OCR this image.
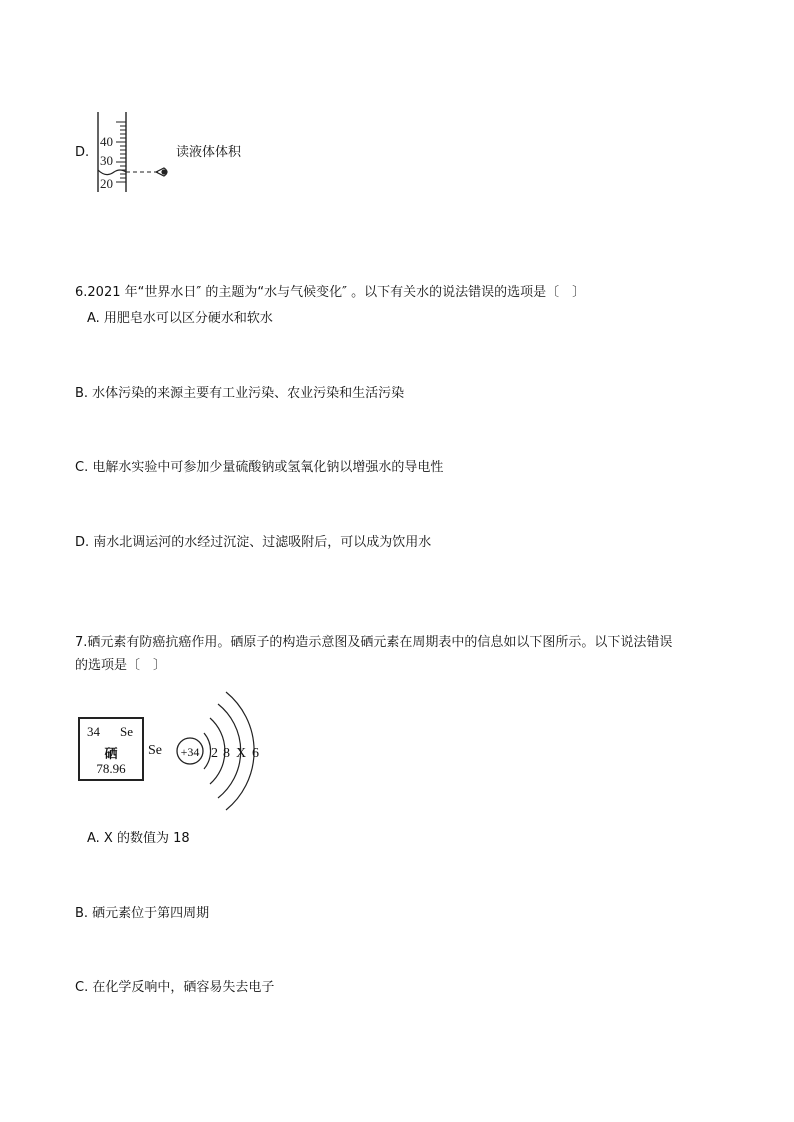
D.
40
30
20
读液体体积
6.2021 年“世界水日″ 的主题为“水与气候变化″ 。以下有关水的说法错误的选项是〔　〕
A. 用肥皂水可以区分硬水和软水
B. 水体污染的来源主要有工业污染、农业污染和生活污染
C. 电解水实验中可参加少量硫酸钠或氢氧化钠以增强水的导电性
D. 南水北调运河的水经过沉淀、过滤吸附后，可以成为饮用水
7.硒元素有防癌抗癌作用。硒原子的构造示意图及硒元素在周期表中的信息如以下图所示。以下说法错误
的选项是〔　〕
34 Se
硒
78.96
Se +34 2 8 X 6
A. X 的数值为 18
B. 硒元素位于第四周期
C. 在化学反响中，硒容易失去电子
